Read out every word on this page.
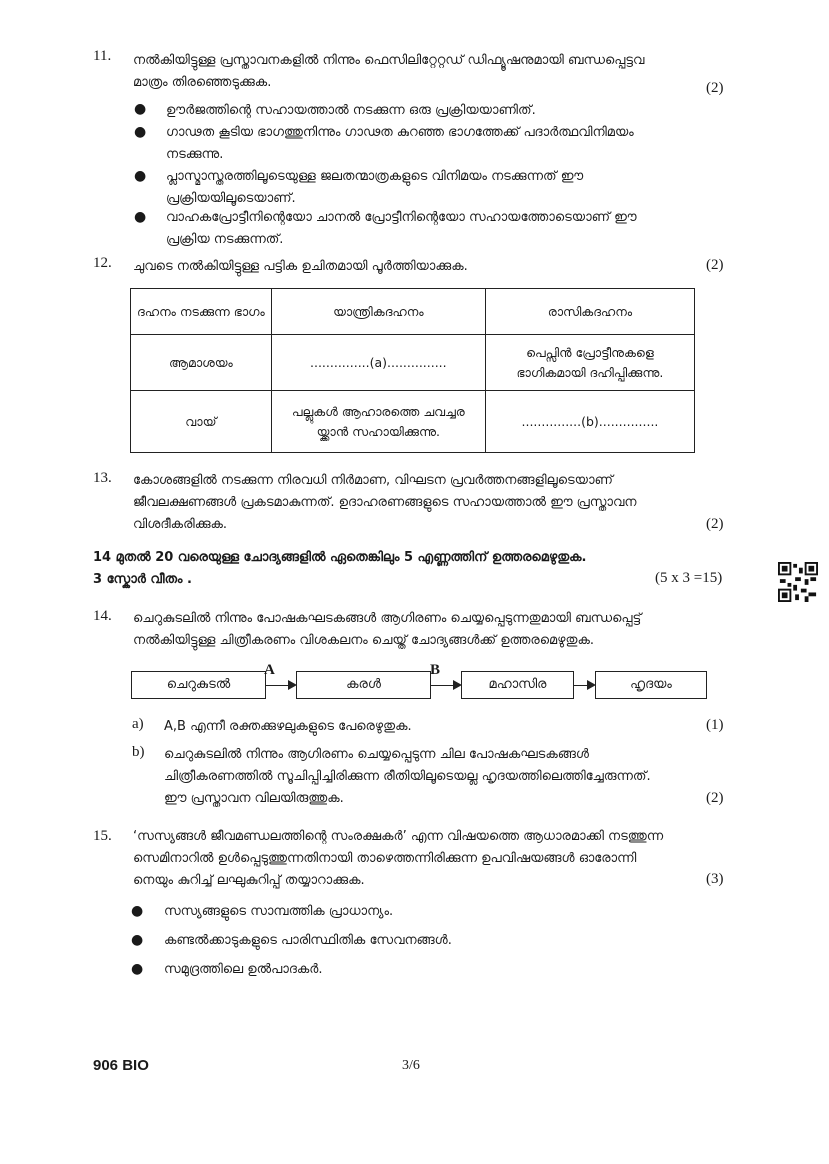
11. നൽകിയിട്ടുള്ള പ്രസ്താവനകളിൽ നിന്നും ഫെസിലിറ്റേറ്റഡ് ഡിഫ്യൂഷനുമായി ബന്ധപ്പെട്ടവ
മാത്രം തിരഞ്ഞെടുക്കുക.	(2)
● ഊർജത്തിന്റെ സഹായത്താൽ നടക്കുന്ന ഒരു പ്രക്രിയയാണിത്.
● ഗാഢത കൂടിയ ഭാഗത്തുനിന്നും ഗാഢത കുറഞ്ഞ ഭാഗത്തേക്ക് പദാർത്ഥവിനിമയം
നടക്കുന്നു.
● പ്ലാസ്മാസ്തരത്തിലൂടെയുള്ള ജലതന്മാത്രകളുടെ വിനിമയം നടക്കുന്നത് ഈ
പ്രക്രിയയിലൂടെയാണ്.
● വാഹകപ്രോട്ടീനിന്റെയോ ചാനൽ പ്രോട്ടീനിന്റെയോ സഹായത്തോടെയാണ് ഈ
പ്രക്രിയ നടക്കുന്നത്.
12. ചുവടെ നൽകിയിട്ടുള്ള പട്ടിക ഉചിതമായി പൂർത്തിയാക്കുക.	(2)
ദഹനം നടക്കുന്ന ഭാഗം	യാന്ത്രികദഹനം	രാസികദഹനം
ആമാശയം	...............(a)...............	പെപ്സിൻ പ്രോട്ടീനുകളെ ഭാഗികമായി ദഹിപ്പിക്കുന്നു.
വായ്	പല്ലുകൾ ആഹാരത്തെ ചവച്ചര യ്ക്കാൻ സഹായിക്കുന്നു.	...............(b)...............
13. കോശങ്ങളിൽ നടക്കുന്ന നിരവധി നിർമാണ, വിഘടന പ്രവർത്തനങ്ങളിലൂടെയാണ്
ജീവലക്ഷണങ്ങൾ പ്രകടമാകുന്നത്. ഉദാഹരണങ്ങളുടെ സഹായത്താൽ ഈ പ്രസ്താവന
വിശദീകരിക്കുക.	(2)
14 മുതൽ 20 വരെയുള്ള ചോദ്യങ്ങളിൽ ഏതെങ്കിലും 5 എണ്ണത്തിന് ഉത്തരമെഴുതുക.
3 സ്കോർ വീതം .	(5 x 3 =15)
14. ചെറുകുടലിൽ നിന്നും പോഷകഘടകങ്ങൾ ആഗിരണം ചെയ്യപ്പെടുന്നതുമായി ബന്ധപ്പെട്ട്
നൽകിയിട്ടുള്ള ചിത്രീകരണം വിശകലനം ചെയ്ത് ചോദ്യങ്ങൾക്ക് ഉത്തരമെഴുതുക.
ചെറുകുടൽ
A
കരൾ
B
മഹാസിര	ഹൃദയം
a) A,B എന്നീ രക്തക്കുഴലുകളുടെ പേരെഴുതുക.	(1)
b) ചെറുകുടലിൽ നിന്നും ആഗിരണം ചെയ്യപ്പെടുന്ന ചില പോഷകഘടകങ്ങൾ
ചിത്രീകരണത്തിൽ സൂചിപ്പിച്ചിരിക്കുന്ന രീതിയിലൂടെയല്ല ഹൃദയത്തിലെത്തിച്ചേരുന്നത്.
ഈ പ്രസ്താവന വിലയിരുത്തുക.	(2)
15. ‘സസ്യങ്ങൾ ജീവമണ്ഡലത്തിന്റെ സംരക്ഷകർ’ എന്ന വിഷയത്തെ ആധാരമാക്കി നടത്തുന്ന
സെമിനാറിൽ ഉൾപ്പെടുത്തുന്നതിനായി താഴെത്തന്നിരിക്കുന്ന ഉപവിഷയങ്ങൾ ഓരോന്നി
നെയും കുറിച്ച് ലഘുകുറിപ്പ് തയ്യാറാക്കുക.	(3)
● സസ്യങ്ങളുടെ സാമ്പത്തിക പ്രാധാന്യം.
● കണ്ടൽക്കാടുകളുടെ പാരിസ്ഥിതിക സേവനങ്ങൾ.
● സമുദ്രത്തിലെ ഉൽപാദകർ.
906 BIO	3/6
